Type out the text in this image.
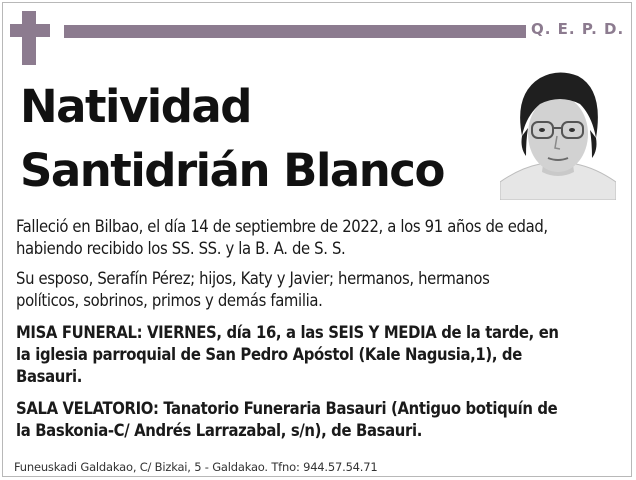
Q. E. P. D.
Natividad
Santidrián Blanco
Falleció en Bilbao, el día 14 de septiembre de 2022, a los 91 años de edad,
habiendo recibido los SS. SS. y la B. A. de S. S.
Su esposo, Serafín Pérez; hijos, Katy y Javier; hermanos, hermanos
políticos, sobrinos, primos y demás familia.
MISA FUNERAL: VIERNES, día 16, a las SEIS Y MEDIA de la tarde, en
la iglesia parroquial de San Pedro Apóstol (Kale Nagusia,1), de
Basauri.
SALA VELATORIO: Tanatorio Funeraria Basauri (Antiguo botiquín de
la Baskonia-C/ Andrés Larrazabal, s/n), de Basauri.
Funeuskadi Galdakao, C/ Bizkai, 5 - Galdakao. Tfno: 944.57.54.71
